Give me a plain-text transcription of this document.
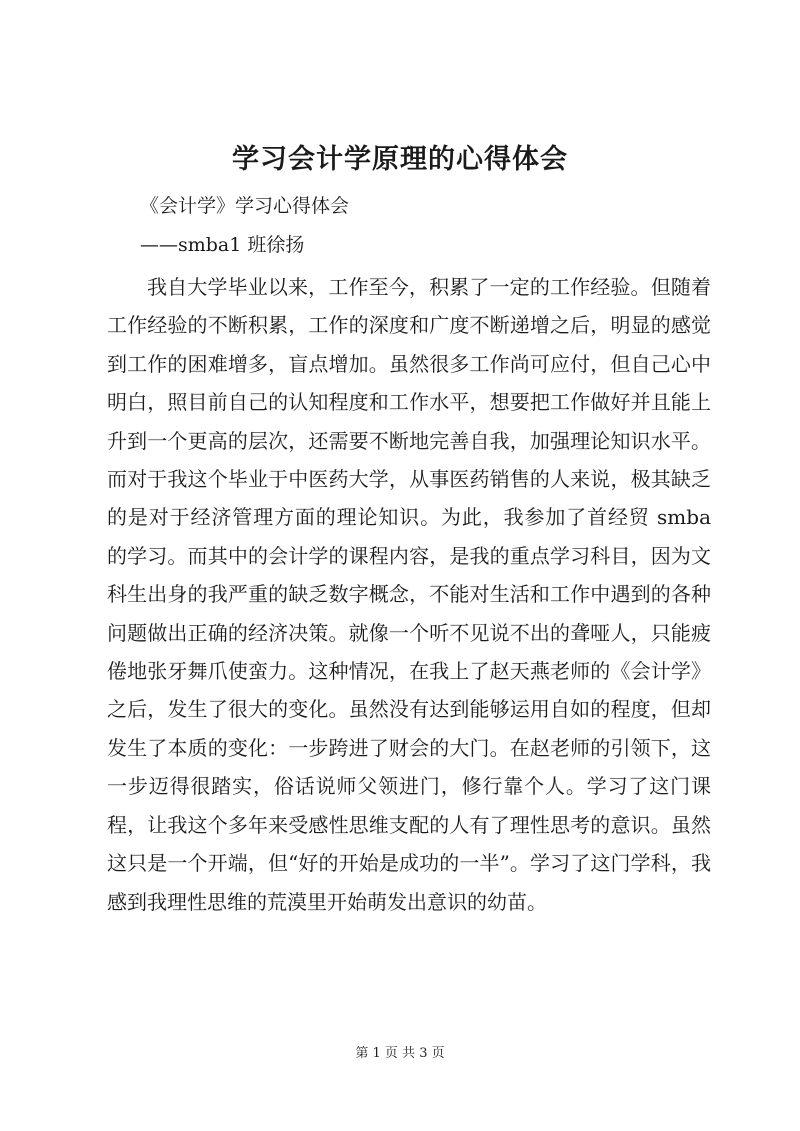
学习会计学原理的心得体会
《会计学》学习心得体会
——smba1 班徐扬

我自大学毕业以来，工作至今，积累了一定的工作经验。但随着工作经验的不断积累，工作的深度和广度不断递增之后，明显的感觉到工作的困难增多，盲点增加。虽然很多工作尚可应付，但自己心中明白，照目前自己的认知程度和工作水平，想要把工作做好并且能上升到一个更高的层次，还需要不断地完善自我，加强理论知识水平。而对于我这个毕业于中医药大学，从事医药销售的人来说，极其缺乏的是对于经济管理方面的理论知识。为此，我参加了首经贸 smba 的学习。而其中的会计学的课程内容，是我的重点学习科目，因为文科生出身的我严重的缺乏数字概念，不能对生活和工作中遇到的各种问题做出正确的经济决策。就像一个听不见说不出的聋哑人，只能疲倦地张牙舞爪使蛮力。这种情况，在我上了赵天燕老师的《会计学》之后，发生了很大的变化。虽然没有达到能够运用自如的程度，但却发生了本质的变化：一步跨进了财会的大门。在赵老师的引领下，这一步迈得很踏实，俗话说师父领进门，修行靠个人。学习了这门课程，让我这个多年来受感性思维支配的人有了理性思考的意识。虽然这只是一个开端，但“好的开始是成功的一半”。学习了这门学科，我感到我理性思维的荒漠里开始萌发出意识的幼苗。

第 1 页 共 3 页
